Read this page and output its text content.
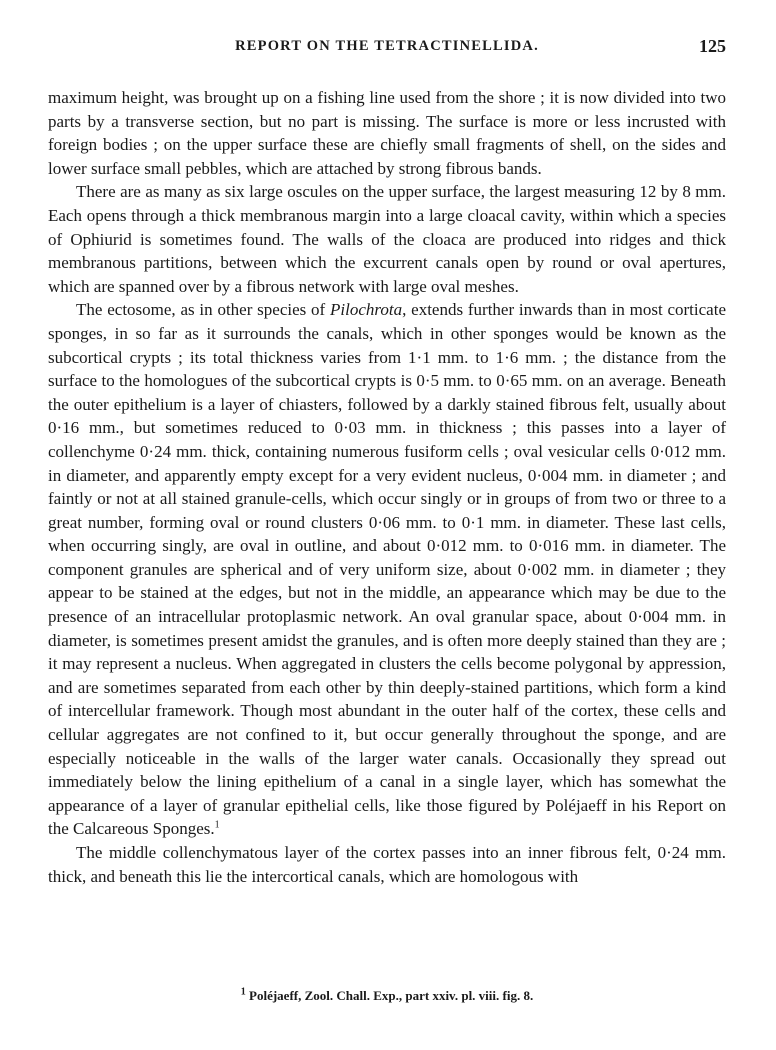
REPORT ON THE TETRACTINELLIDA.	125

maximum height, was brought up on a fishing line used from the shore ; it is now divided into two parts by a transverse section, but no part is missing. The surface is more or less incrusted with foreign bodies ; on the upper surface these are chiefly small fragments of shell, on the sides and lower surface small pebbles, which are attached by strong fibrous bands.

There are as many as six large oscules on the upper surface, the largest measuring 12 by 8 mm. Each opens through a thick membranous margin into a large cloacal cavity, within which a species of Ophiurid is sometimes found. The walls of the cloaca are produced into ridges and thick membranous partitions, between which the excurrent canals open by round or oval apertures, which are spanned over by a fibrous network with large oval meshes.

The ectosome, as in other species of Pilochrota, extends further inwards than in most corticate sponges, in so far as it surrounds the canals, which in other sponges would be known as the subcortical crypts ; its total thickness varies from 1·1 mm. to 1·6 mm. ; the distance from the surface to the homologues of the subcortical crypts is 0·5 mm. to 0·65 mm. on an average. Beneath the outer epithelium is a layer of chiasters, followed by a darkly stained fibrous felt, usually about 0·16 mm., but sometimes reduced to 0·03 mm. in thickness ; this passes into a layer of collenchyme 0·24 mm. thick, containing numerous fusiform cells ; oval vesicular cells 0·012 mm. in diameter, and apparently empty except for a very evident nucleus, 0·004 mm. in diameter ; and faintly or not at all stained granule-cells, which occur singly or in groups of from two or three to a great number, forming oval or round clusters 0·06 mm. to 0·1 mm. in diameter. These last cells, when occurring singly, are oval in outline, and about 0·012 mm. to 0·016 mm. in diameter. The component granules are spherical and of very uniform size, about 0·002 mm. in diameter ; they appear to be stained at the edges, but not in the middle, an appearance which may be due to the presence of an intracellular protoplasmic network. An oval granular space, about 0·004 mm. in diameter, is sometimes present amidst the granules, and is often more deeply stained than they are ; it may represent a nucleus. When aggregated in clusters the cells become polygonal by appression, and are sometimes separated from each other by thin deeply-stained partitions, which form a kind of intercellular framework. Though most abundant in the outer half of the cortex, these cells and cellular aggregates are not confined to it, but occur generally throughout the sponge, and are especially noticeable in the walls of the larger water canals. Occasionally they spread out immediately below the lining epithelium of a canal in a single layer, which has somewhat the appearance of a layer of granular epithelial cells, like those figured by Poléjaeff in his Report on the Calcareous Sponges.$^1$

The middle collenchymatous layer of the cortex passes into an inner fibrous felt, 0·24 mm. thick, and beneath this lie the intercortical canals, which are homologous with

$^1$ Poléjaeff, Zool. Chall. Exp., part xxiv. pl. viii. fig. 8.
